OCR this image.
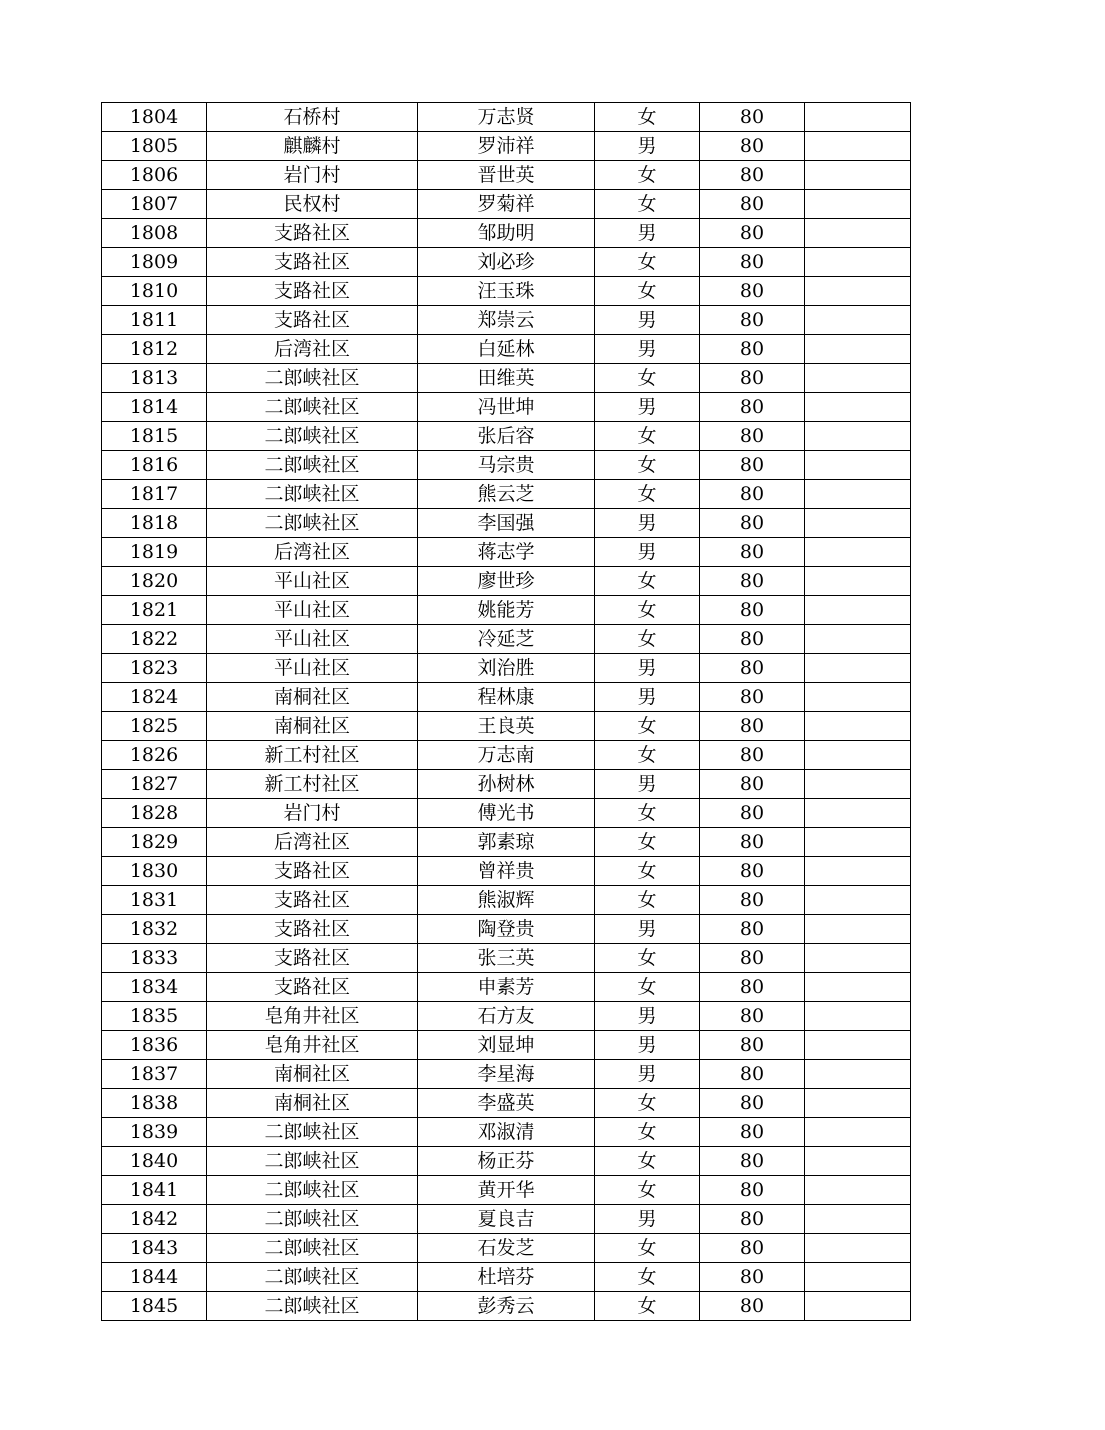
1804	石桥村	万志贤	女	80	
1805	麒麟村	罗沛祥	男	80	
1806	岩门村	晋世英	女	80	
1807	民权村	罗菊祥	女	80	
1808	支路社区	邹助明	男	80	
1809	支路社区	刘必珍	女	80	
1810	支路社区	汪玉珠	女	80	
1811	支路社区	郑崇云	男	80	
1812	后湾社区	白延林	男	80	
1813	二郎峡社区	田维英	女	80	
1814	二郎峡社区	冯世坤	男	80	
1815	二郎峡社区	张后容	女	80	
1816	二郎峡社区	马宗贵	女	80	
1817	二郎峡社区	熊云芝	女	80	
1818	二郎峡社区	李国强	男	80	
1819	后湾社区	蒋志学	男	80	
1820	平山社区	廖世珍	女	80	
1821	平山社区	姚能芳	女	80	
1822	平山社区	冷延芝	女	80	
1823	平山社区	刘治胜	男	80	
1824	南桐社区	程林康	男	80	
1825	南桐社区	王良英	女	80	
1826	新工村社区	万志南	女	80	
1827	新工村社区	孙树林	男	80	
1828	岩门村	傅光书	女	80	
1829	后湾社区	郭素琼	女	80	
1830	支路社区	曾祥贵	女	80	
1831	支路社区	熊淑辉	女	80	
1832	支路社区	陶登贵	男	80	
1833	支路社区	张三英	女	80	
1834	支路社区	申素芳	女	80	
1835	皂角井社区	石方友	男	80	
1836	皂角井社区	刘显坤	男	80	
1837	南桐社区	李星海	男	80	
1838	南桐社区	李盛英	女	80	
1839	二郎峡社区	邓淑清	女	80	
1840	二郎峡社区	杨正芬	女	80	
1841	二郎峡社区	黄开华	女	80	
1842	二郎峡社区	夏良吉	男	80	
1843	二郎峡社区	石发芝	女	80	
1844	二郎峡社区	杜培芬	女	80	
1845	二郎峡社区	彭秀云	女	80	
